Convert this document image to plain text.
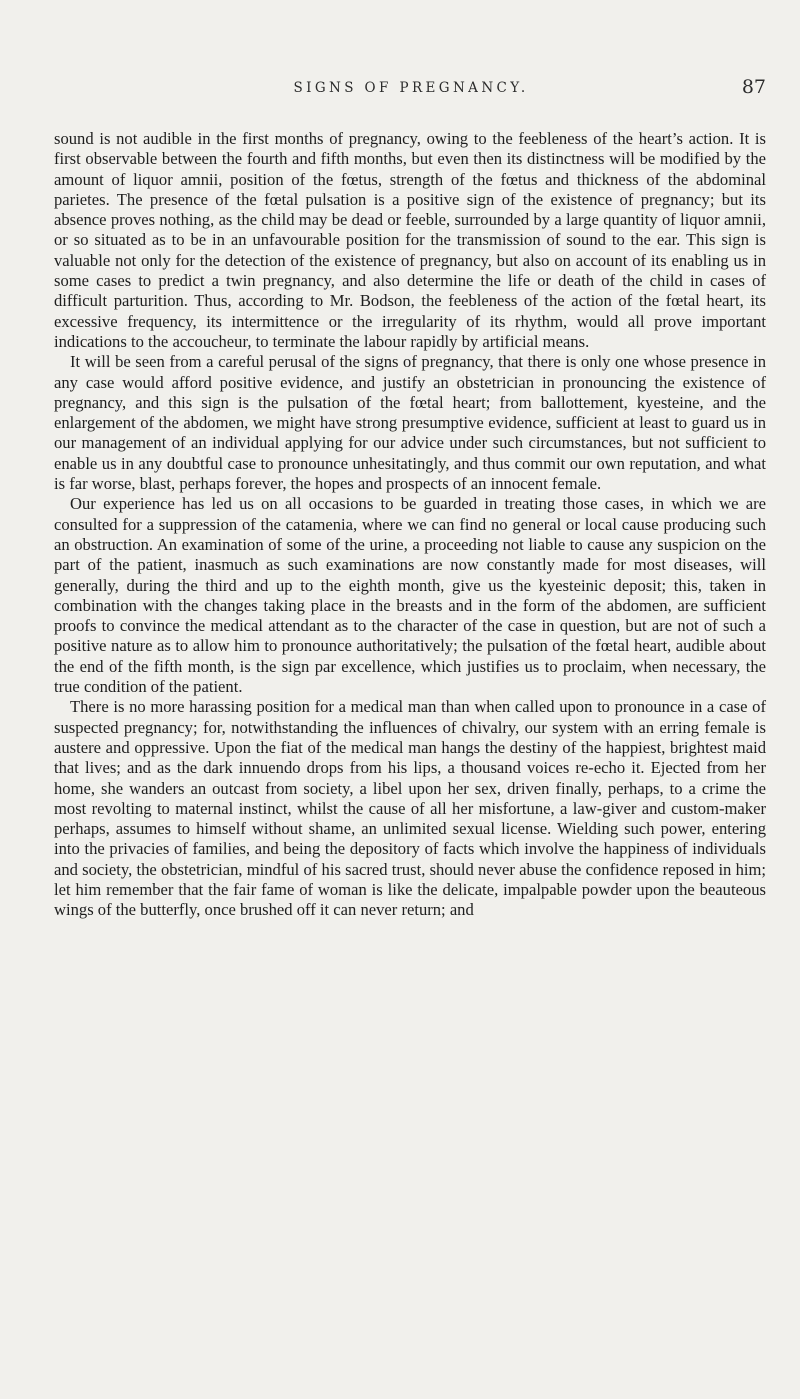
SIGNS OF PREGNANCY.	87

sound is not audible in the first months of pregnancy, owing to the feebleness of the heart’s action. It is first observable between the fourth and fifth months, but even then its distinctness will be modified by the amount of liquor amnii, position of the fœtus, strength of the fœtus and thickness of the abdominal parietes. The presence of the fœtal pulsation is a positive sign of the existence of pregnancy; but its absence proves nothing, as the child may be dead or feeble, surrounded by a large quantity of liquor amnii, or so situated as to be in an unfavourable position for the transmission of sound to the ear. This sign is valuable not only for the detection of the existence of pregnancy, but also on account of its enabling us in some cases to predict a twin pregnancy, and also determine the life or death of the child in cases of difficult parturition. Thus, according to Mr. Bodson, the feebleness of the action of the fœtal heart, its excessive frequency, its intermittence or the irregularity of its rhythm, would all prove important indications to the accoucheur, to terminate the labour rapidly by artificial means.

It will be seen from a careful perusal of the signs of pregnancy, that there is only one whose presence in any case would afford positive evidence, and justify an obstetrician in pronouncing the existence of pregnancy, and this sign is the pulsation of the fœtal heart; from ballottement, kyesteine, and the enlargement of the abdomen, we might have strong presumptive evidence, sufficient at least to guard us in our management of an individual applying for our advice under such circumstances, but not sufficient to enable us in any doubtful case to pronounce unhesitatingly, and thus commit our own reputation, and what is far worse, blast, perhaps forever, the hopes and prospects of an innocent female.

Our experience has led us on all occasions to be guarded in treating those cases, in which we are consulted for a suppression of the catamenia, where we can find no general or local cause producing such an obstruction. An examination of some of the urine, a proceeding not liable to cause any suspicion on the part of the patient, inasmuch as such examinations are now constantly made for most diseases, will generally, during the third and up to the eighth month, give us the kyesteinic deposit; this, taken in combination with the changes taking place in the breasts and in the form of the abdomen, are sufficient proofs to convince the medical attendant as to the character of the case in question, but are not of such a positive nature as to allow him to pronounce authoritatively; the pulsation of the fœtal heart, audible about the end of the fifth month, is the sign par excellence, which justifies us to proclaim, when necessary, the true condition of the patient.

There is no more harassing position for a medical man than when called upon to pronounce in a case of suspected pregnancy; for, notwithstanding the influences of chivalry, our system with an erring female is austere and oppressive. Upon the fiat of the medical man hangs the destiny of the happiest, brightest maid that lives; and as the dark innuendo drops from his lips, a thousand voices re-echo it. Ejected from her home, she wanders an outcast from society, a libel upon her sex, driven finally, perhaps, to a crime the most revolting to maternal instinct, whilst the cause of all her misfortune, a law-giver and custom-maker perhaps, assumes to himself without shame, an unlimited sexual license. Wielding such power, entering into the privacies of families, and being the depository of facts which involve the happiness of individuals and society, the obstetrician, mindful of his sacred trust, should never abuse the confidence reposed in him; let him remember that the fair fame of woman is like the delicate, impalpable powder upon the beauteous wings of the butterfly, once brushed off it can never return; and
